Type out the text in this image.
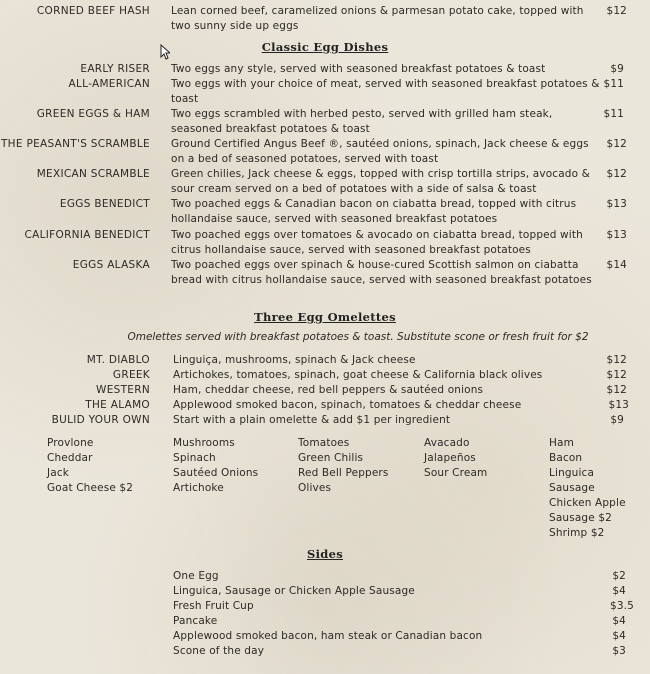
CORNED BEEF HASH Lean corned beef, caramelized onions & parmesan potato cake, topped with two sunny side up eggs
$12
Classic Egg Dishes
EARLY RISER Two eggs any style, served with seasoned breakfast potatoes & toast	$9
ALL-AMERICAN Two eggs with your choice of meat, served with seasoned breakfast potatoes & toast
$11
GREEN EGGS & HAM Two eggs scrambled with herbed pesto, served with grilled ham steak, seasoned breakfast potatoes & toast
$11
THE PEASANT'S SCRAMBLE Ground Certified Angus Beef ®, sautéed onions, spinach, Jack cheese & eggs on a bed of seasoned potatoes, served with toast
$12
MEXICAN SCRAMBLE Green chilies, Jack cheese & eggs, topped with crisp tortilla strips, avocado & sour cream served on a bed of potatoes with a side of salsa & toast
$12
EGGS BENEDICT Two poached eggs & Canadian bacon on ciabatta bread, topped with citrus hollandaise sauce, served with seasoned breakfast potatoes
$13
CALIFORNIA BENEDICT Two poached eggs over tomatoes & avocado on ciabatta bread, topped with citrus hollandaise sauce, served with seasoned breakfast potatoes
$13
EGGS ALASKA Two poached eggs over spinach & house-cured Scottish salmon on ciabatta bread with citrus hollandaise sauce, served with seasoned breakfast potatoes
$14
Three Egg Omelettes
Omelettes served with breakfast potatoes & toast. Substitute scone or fresh fruit for $2
MT. DIABLO Linguiça, mushrooms, spinach & Jack cheese	$12
GREEK Artichokes, tomatoes, spinach, goat cheese & California black olives	$12
WESTERN Ham, cheddar cheese, red bell peppers & sautéed onions	$12
THE ALAMO Applewood smoked bacon, spinach, tomatoes & cheddar cheese	$13
BULID YOUR OWN Start with a plain omelette & add $1 per ingredient	$9
Provlone
Cheddar
Jack
Goat Cheese $2
Mushrooms
Spinach
Sautéed Onions
Artichoke
Tomatoes
Green Chilis
Red Bell Peppers
Olives
Avacado
Jalapeños
Sour Cream
Ham
Bacon
Linguica
Sausage
Chicken Apple
Sausage $2
Shrimp $2
Sides
One Egg	$2
Linguica, Sausage or Chicken Apple Sausage	$4
Fresh Fruit Cup	$3.5
Pancake	$4
Applewood smoked bacon, ham steak or Canadian bacon	$4
Scone of the day	$3
